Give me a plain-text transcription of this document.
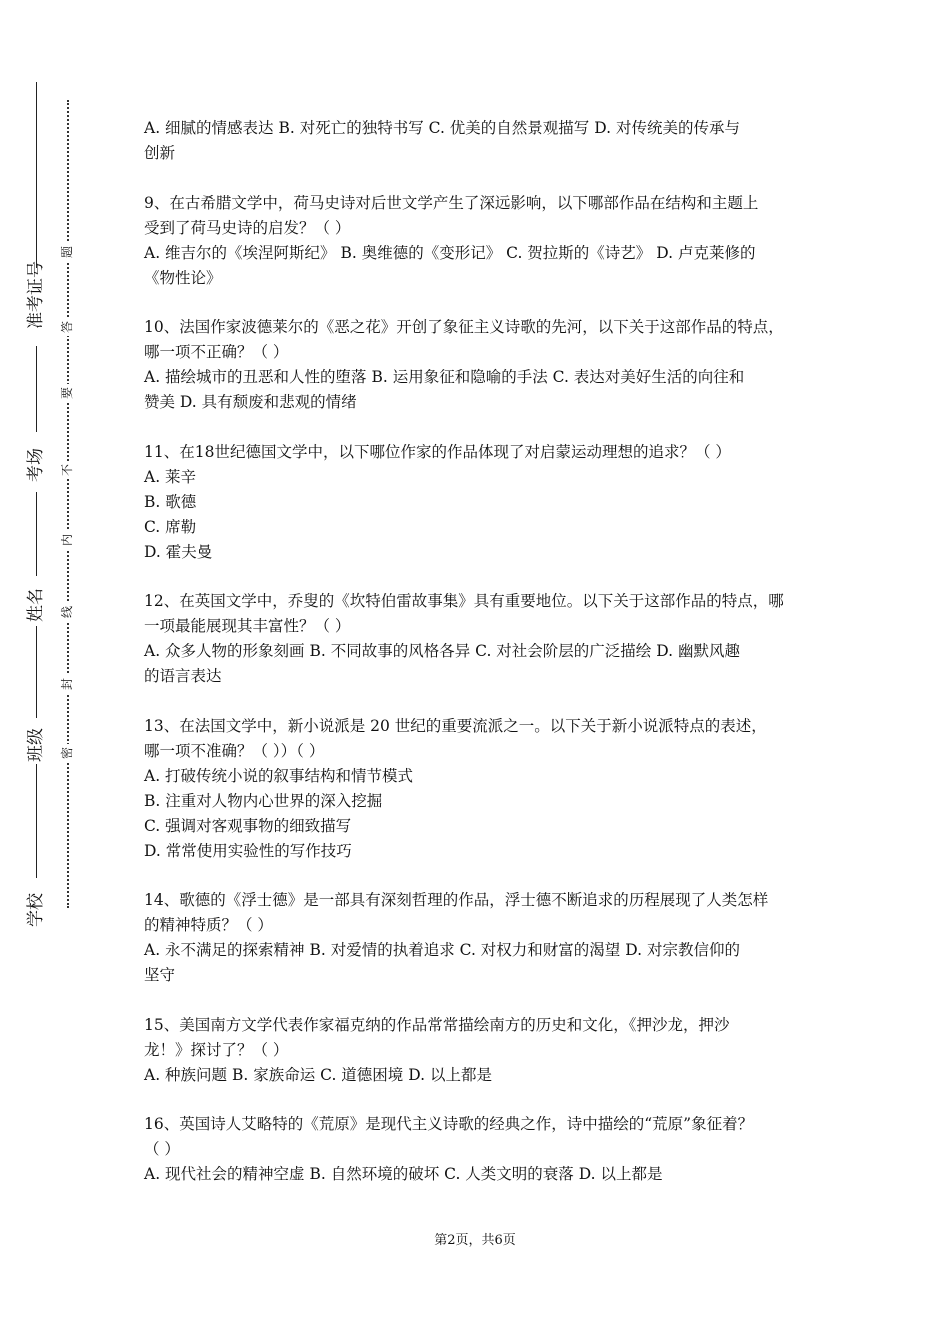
准考证号
考场
姓名
班级
学校
题
答
要
不
内
线
封
密

A. 细腻的情感表达 B. 对死亡的独特书写 C. 优美的自然景观描写 D. 对传统美的传承与

创新

9、在古希腊文学中，荷马史诗对后世文学产生了深远影响，以下哪部作品在结构和主题上

受到了荷马史诗的启发？（ ）

A. 维吉尔的《埃涅阿斯纪》 B. 奥维德的《变形记》 C. 贺拉斯的《诗艺》 D. 卢克莱修的

《物性论》

10、法国作家波德莱尔的《恶之花》开创了象征主义诗歌的先河，以下关于这部作品的特点，

哪一项不正确？（ ）

A. 描绘城市的丑恶和人性的堕落 B. 运用象征和隐喻的手法 C. 表达对美好生活的向往和

赞美 D. 具有颓废和悲观的情绪

11、在18世纪德国文学中，以下哪位作家的作品体现了对启蒙运动理想的追求？（ ）

A. 莱辛

B. 歌德

C. 席勒

D. 霍夫曼

12、在英国文学中，乔叟的《坎特伯雷故事集》具有重要地位。以下关于这部作品的特点，哪

一项最能展现其丰富性？（ ）

A. 众多人物的形象刻画 B. 不同故事的风格各异 C. 对社会阶层的广泛描绘 D. 幽默风趣

的语言表达

13、在法国文学中，新小说派是 20 世纪的重要流派之一。以下关于新小说派特点的表述，

哪一项不准确？（ ））（ ）

A. 打破传统小说的叙事结构和情节模式

B. 注重对人物内心世界的深入挖掘

C. 强调对客观事物的细致描写

D. 常常使用实验性的写作技巧

14、歌德的《浮士德》是一部具有深刻哲理的作品，浮士德不断追求的历程展现了人类怎样

的精神特质？（ ）

A. 永不满足的探索精神 B. 对爱情的执着追求 C. 对权力和财富的渴望 D. 对宗教信仰的

坚守

15、美国南方文学代表作家福克纳的作品常常描绘南方的历史和文化，《押沙龙，押沙

龙！》探讨了？（ ）

A. 种族问题 B. 家族命运 C. 道德困境 D. 以上都是

16、英国诗人艾略特的《荒原》是现代主义诗歌的经典之作，诗中描绘的“荒原”象征着？

（ ）

A. 现代社会的精神空虚 B. 自然环境的破坏 C. 人类文明的衰落 D. 以上都是

第2页，共6页
